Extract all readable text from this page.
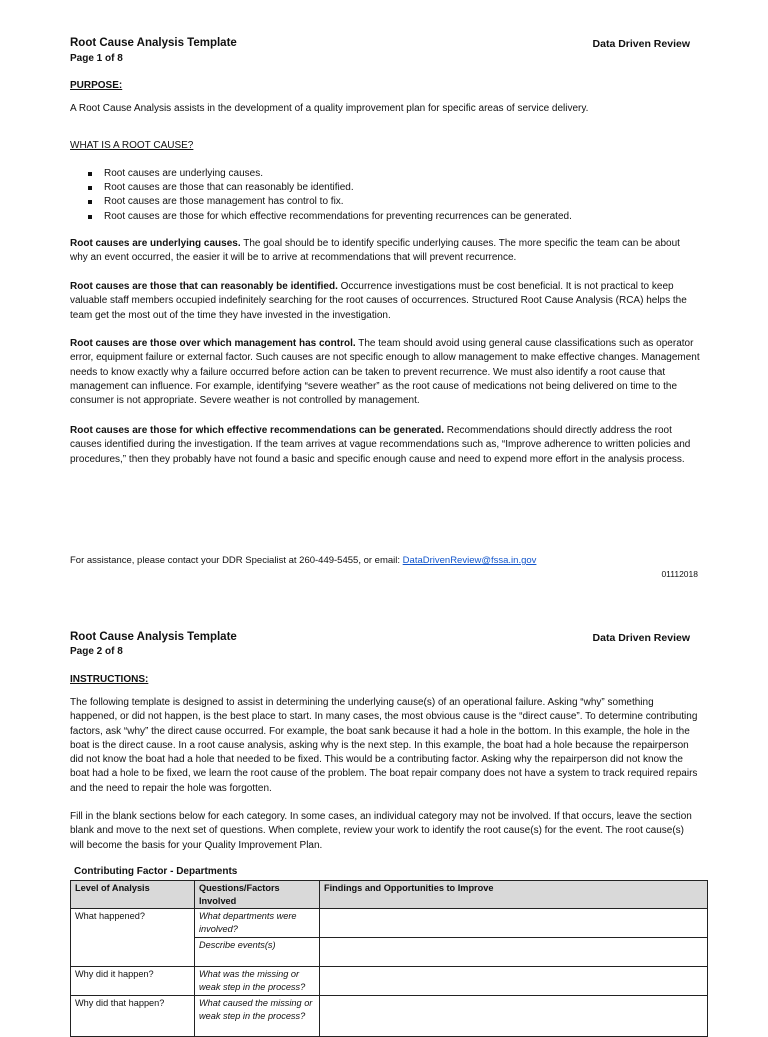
Root Cause Analysis Template
Page 1 of 8
Data Driven Review
PURPOSE:

A Root Cause Analysis assists in the development of a quality improvement plan for specific areas of service delivery.

WHAT IS A ROOT CAUSE?
Root causes are underlying causes.
Root causes are those that can reasonably be identified.
Root causes are those management has control to fix.
Root causes are those for which effective recommendations for preventing recurrences can be generated.

Root causes are underlying causes. The goal should be to identify specific underlying causes. The more specific the team can be about why an event occurred, the easier it will be to arrive at recommendations that will prevent recurrence.

Root causes are those that can reasonably be identified. Occurrence investigations must be cost beneficial. It is not practical to keep valuable staff members occupied indefinitely searching for the root causes of occurrences. Structured Root Cause Analysis (RCA) helps the team get the most out of the time they have invested in the investigation.

Root causes are those over which management has control. The team should avoid using general cause classifications such as operator error, equipment failure or external factor. Such causes are not specific enough to allow management to make effective changes. Management needs to know exactly why a failure occurred before action can be taken to prevent recurrence. We must also identify a root cause that management can influence. For example, identifying “severe weather” as the root cause of medications not being delivered on time to the consumer is not appropriate. Severe weather is not controlled by management.

Root causes are those for which effective recommendations can be generated. Recommendations should directly address the root causes identified during the investigation. If the team arrives at vague recommendations such as, “Improve adherence to written policies and procedures,” then they probably have not found a basic and specific enough cause and need to expend more effort in the analysis process.

For assistance, please contact your DDR Specialist at 260-449-5455, or email: DataDrivenReview@fssa.in.gov
01112018
Root Cause Analysis Template
Page 2 of 8
Data Driven Review
INSTRUCTIONS:

The following template is designed to assist in determining the underlying cause(s) of an operational failure. Asking “why” something happened, or did not happen, is the best place to start. In many cases, the most obvious cause is the “direct cause”. To determine contributing factors, ask “why” the direct cause occurred. For example, the boat sank because it had a hole in the bottom. In this example, the hole in the boat is the direct cause. In a root cause analysis, asking why is the next step. In this example, the boat had a hole because the repairperson did not know the boat had a hole that needed to be fixed. This would be a contributing factor. Asking why the repairperson did not know the boat had a hole to be fixed, we learn the root cause of the problem. The boat repair company does not have a system to track required repairs and the need to repair the hole was forgotten.

Fill in the blank sections below for each category. In some cases, an individual category may not be involved. If that occurs, leave the section blank and move to the next set of questions. When complete, review your work to identify the root cause(s) for the event. The root cause(s) will become the basis for your Quality Improvement Plan.

Contributing Factor - Departments
Level of Analysis	Questions/Factors Involved	Findings and Opportunities to Improve
What happened?	What departments were involved?	
	Describe events(s)	
Why did it happen?	What was the missing or weak step in the process?	
Why did that happen?	What caused the missing or weak step in the process?	
